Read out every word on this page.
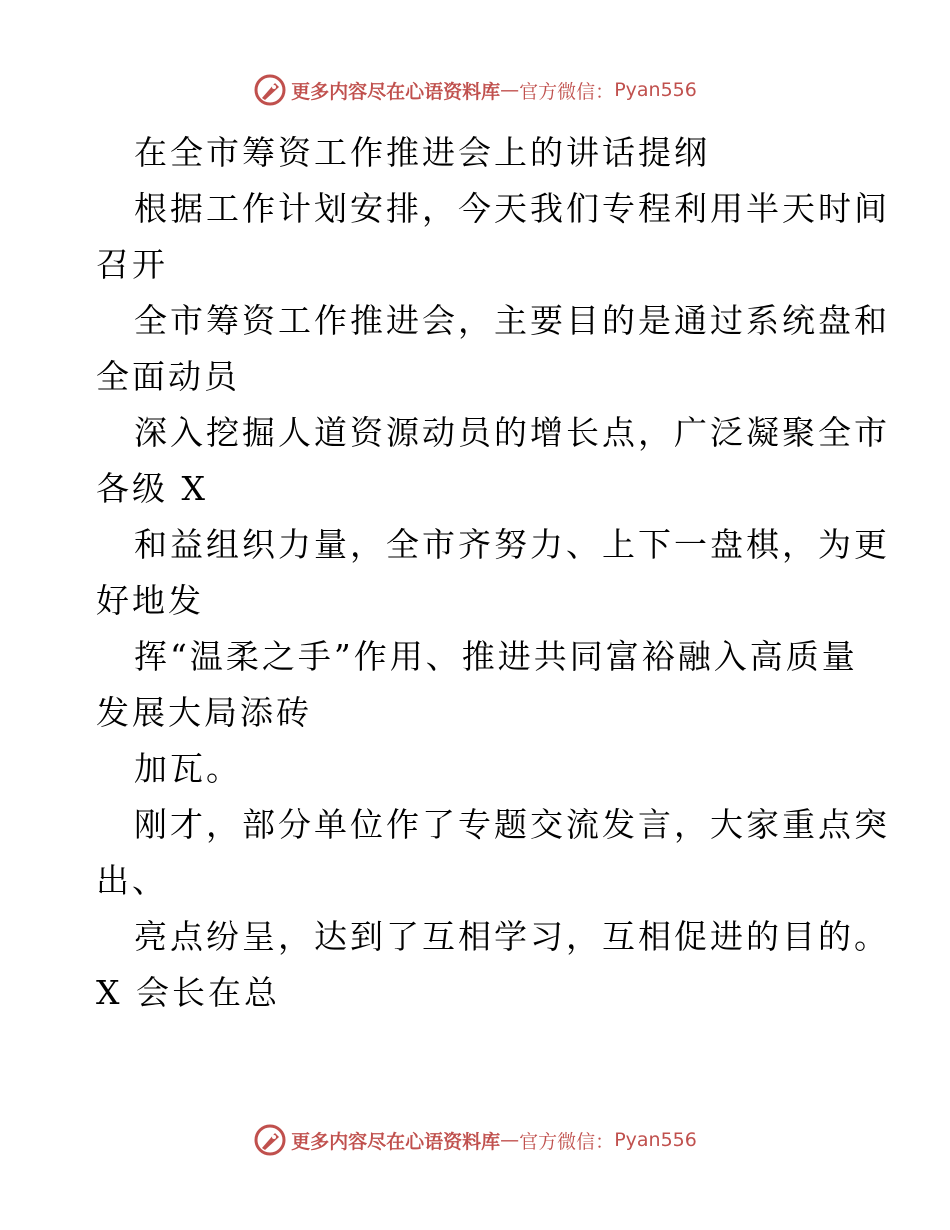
更多内容尽在心语资料库 — 官方微信： Pyan556

在全市筹资工作推进会上的讲话提纲

根据工作计划安排，今天我们专程利用半天时间

召开

全市筹资工作推进会，主要目的是通过系统盘和

全面动员

深入挖掘人道资源动员的增长点，广泛凝聚全市

各级 X

和益组织力量，全市齐努力、上下一盘棋，为更

好地发

挥“温柔之手”作用、推进共同富裕融入高质量

发展大局添砖

加瓦。

刚才，部分单位作了专题交流发言，大家重点突

出、

亮点纷呈，达到了互相学习，互相促进的目的。

X 会长在总

更多内容尽在心语资料库 — 官方微信： Pyan556
